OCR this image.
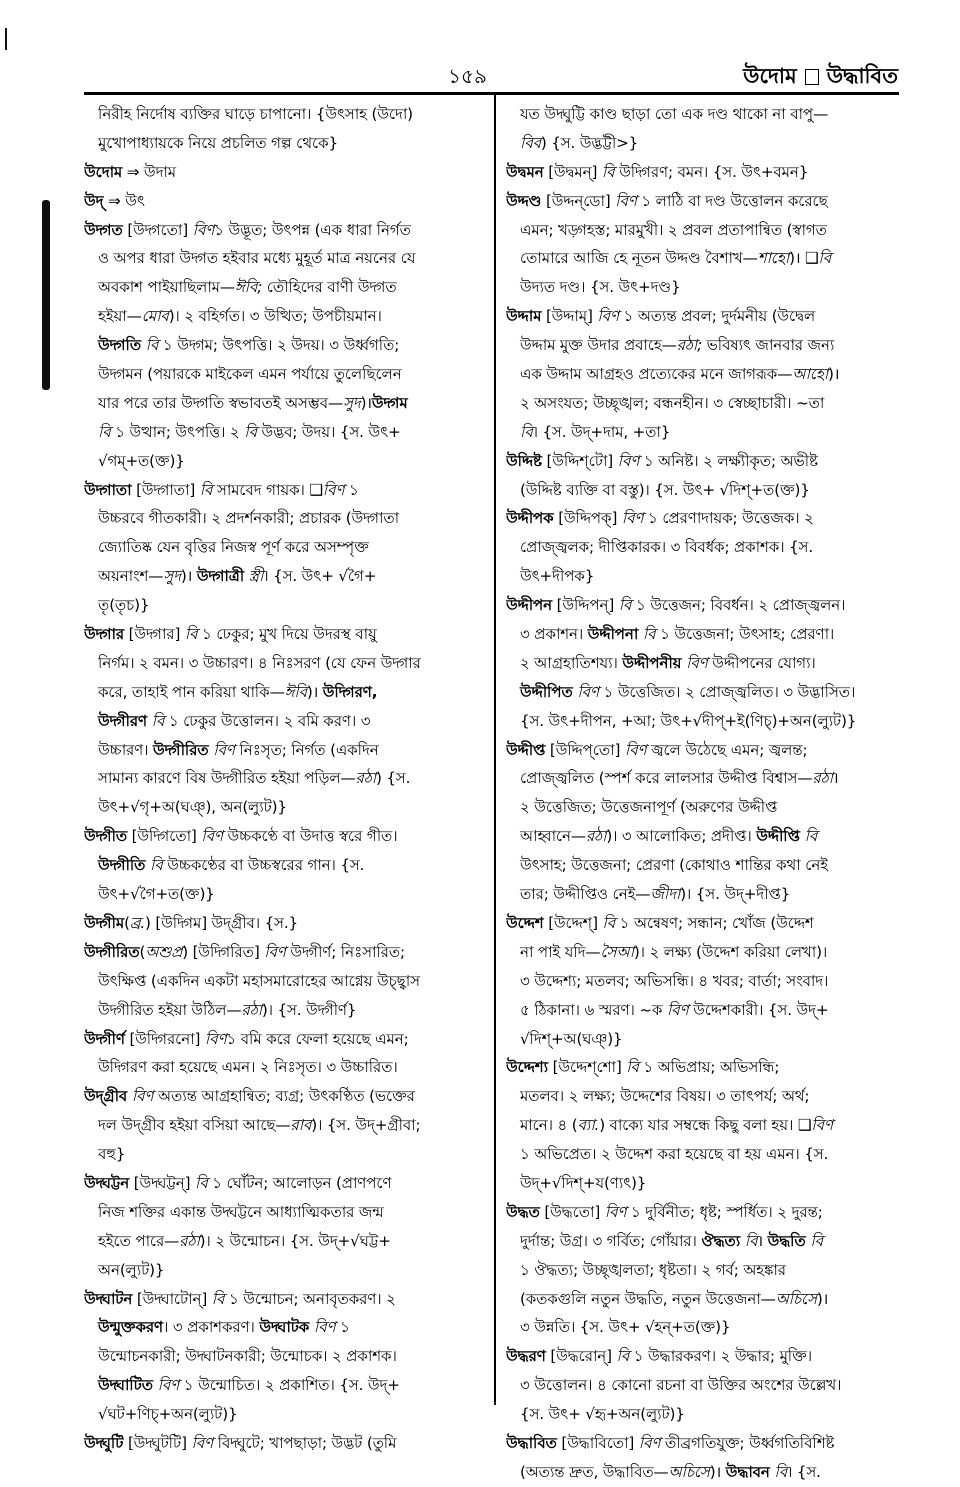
১৫৯	উদোম উদ্ধাবিত
নিরীহ নির্দোষ ব্যক্তির ঘাড়ে চাপানো। {উৎসাহ (উদো)
মুখোপাধ্যায়কে নিয়ে প্রচলিত গল্প থেকে}
উদোম ⇒ উদাম
উদ্ ⇒ উৎ
উদ্গত [উদ্গতো] বিণ১ উদ্ভূত; উৎপন্ন (এক ধারা নির্গত
ও অপর ধারা উদ্গত হইবার মধ্যে মুহূর্ত মাত্র নয়নের যে
অবকাশ পাইয়াছিলাম—ঈবি; তৌহিদের বাণী উদ্গত
হইয়া—মোব)। ২ বহির্গত। ৩ উত্থিত; উপচীয়মান।
উদ্গতি বি ১ উদ্গম; উৎপত্তি। ২ উদয়। ৩ উর্ধ্বগতি;
উদ্গমন (পয়ারকে মাইকেল এমন পর্যায়ে তুলেছিলেন
যার পরে তার উদ্গতি স্বভাবতই অসম্ভব—সুদ)।উদ্গম
বি ১ উত্থান; উৎপত্তি। ২ বি উদ্ভব; উদয়। {স. উৎ+
√গম্+ত(ক্ত)}
উদ্গাতা [উদ্গাতা] বি সামবেদ গায়ক। ❑বিণ ১
উচ্চরবে গীতকারী। ২ প্রদর্শনকারী; প্রচারক (উদ্গাতা
জ্যোতিষ্ক যেন বৃত্তির নিজস্ব পূর্ণ করে অসম্পৃক্ত
অয়নাংশ—সুদ)। উদ্গাত্রী স্ত্রী। {স. উৎ+ √গৈ+
তৃ(তৃচ)}
উদ্গার [উদ্গার] বি ১ ঢেকুর; মুখ দিয়ে উদরস্থ বায়ু
নির্গম। ২ বমন। ৩ উচ্চারণ। ৪ নিঃসরণ (যে ফেন উদ্গার
করে, তাহাই পান করিয়া থাকি—ঈবি)। উদ্গিরণ,
উদ্গীরণ বি ১ ঢেকুর উত্তোলন। ২ বমি করণ। ৩
উচ্চারণ। উদ্গীরিত বিণ নিঃসৃত; নির্গত (একদিন
সামান্য কারণে বিষ উদ্গীরিত হইয়া পড়িল—রঠা) {স.
উৎ+√গৃ+অ(ঘঞ্), অন(ল্যুট)}
উদ্গীত [উদ্গিতো] বিণ উচ্চকণ্ঠে বা উদাত্ত স্বরে গীত।
উদ্গীতি বি উচ্চকণ্ঠের বা উচ্চস্বরের গান। {স.
উৎ+√গৈ+ত(ক্ত)}
উদ্গীম(ব্র.) [উদ্গিম] উদ্গ্রীব। {স.}
উদ্গীরিত(অশুপ্র) [উদ্গিরিত] বিণ উদ্গীর্ণ; নিঃসারিত;
উৎক্ষিপ্ত (একদিন একটা মহাসমারোহের আগ্নেয় উচ্ছ্বাস
উদ্গীরিত হইয়া উঠিল—রঠা)। {স. উদ্গীর্ণ}
উদ্গীর্ণ [উদ্গিরনো] বিণ১ বমি করে ফেলা হয়েছে এমন;
উদ্গিরণ করা হয়েছে এমন। ২ নিঃসৃত। ৩ উচ্চারিত।
উদ্গ্রীব বিণ অত্যন্ত আগ্রহান্বিত; ব্যগ্র; উৎকণ্ঠিত (ভক্তের
দল উদ্গ্রীব হইয়া বসিয়া আছে—রাব)। {স. উদ্+গ্রীবা;
বহু}
উদ্ঘট্টন [উদ্ঘট্টন্] বি ১ ঘোঁটন; আলোড়ন (প্রাণপণে
নিজ শক্তির একান্ত উদ্ঘট্টনে আধ্যাত্মিকতার জন্ম
হইতে পারে—রঠা)। ২ উন্মোচন। {স. উদ্+√ঘট্ট+
অন(ল্যুট)}
উদ্ঘাটন [উদ্ঘাটোন্] বি ১ উন্মোচন; অনাবৃতকরণ। ২
উন্মুক্তকরণ। ৩ প্রকাশকরণ। উদ্ঘাটক বিণ ১
উন্মোচনকারী; উদ্ঘাটনকারী; উন্মোচক। ২ প্রকাশক।
উদ্ঘাটিত বিণ ১ উন্মোচিত। ২ প্রকাশিত। {স. উদ্+
√ঘট+ণিচ্+অন(ল্যুট)}
উদ্ঘুটি [উদ্ঘুটটি] বিণ বিদ্ঘুটে; খাপছাড়া; উদ্ভট (তুমি
যত উদ্ঘুট্টি কাণ্ড ছাড়া তো এক দণ্ড থাকো না বাপু—
বিব) {স. উদ্ভট্টী>}
উদ্বমন [উদ্বমন্] বি উদ্গিরণ; বমন। {স. উৎ+বমন}
উদ্দণ্ড [উদ্দন্‌ডো] বিণ ১ লাঠি বা দণ্ড উত্তোলন করেছে
এমন; খড়্গহস্ত; মারমুখী। ২ প্রবল প্রতাপান্বিত (স্বাগত
তোমারে আজি হে নূতন উদ্দণ্ড বৈশাখ—শাহো)। ❑বি
উদ্যত দণ্ড। {স. উৎ+দণ্ড}
উদ্দাম [উদ্দাম্] বিণ ১ অত্যন্ত প্রবল; দুর্দমনীয় (উদ্বেল
উদ্দাম মুক্ত উদার প্রবাহে—রঠা; ভবিষ্যৎ জানবার জন্য
এক উদ্দাম আগ্রহও প্রত্যেকের মনে জাগরূক—আহো)।
২ অসংযত; উচ্ছৃঙ্খল; বন্ধনহীন। ৩ স্বেচ্ছাচারী। ~তা
বি। {স. উদ্+দাম, +তা}
উদ্দিষ্ট [উদ্দিশ্‌টো] বিণ ১ অনিষ্ট। ২ লক্ষ্যীকৃত; অভীষ্ট
(উদ্দিষ্ট ব্যক্তি বা বস্তু)। {স. উৎ+ √দিশ্+ত(ক্ত)}
উদ্দীপক [উদ্দিপক্] বিণ ১ প্রেরণাদায়ক; উত্তেজক। ২
প্রোজ্জ্বলক; দীপ্তিকারক। ৩ বিবর্ধক; প্রকাশক। {স.
উৎ+দীপক}
উদ্দীপন [উদ্দিপন্] বি ১ উত্তেজন; বিবর্ধন। ২ প্রোজ্জ্বলন।
৩ প্রকাশন। উদ্দীপনা বি ১ উত্তেজনা; উৎসাহ; প্রেরণা।
২ আগ্রহাতিশয্য। উদ্দীপনীয় বিণ উদ্দীপনের যোগ্য।
উদ্দীপিত বিণ ১ উত্তেজিত। ২ প্রোজ্জ্বলিত। ৩ উদ্ভাসিত।
{স. উৎ+দীপন, +আ; উৎ+√দীপ্+ই(ণিচ্)+অন(ল্যুট)}
উদ্দীপ্ত [উদ্দিপ্‌তো] বিণ জ্বলে উঠেছে এমন; জ্বলন্ত;
প্রোজ্জ্বলিত (স্পর্শ করে লালসার উদ্দীপ্ত বিশ্বাস—রঠা।
২ উত্তেজিত; উত্তেজনাপূর্ণ (অরুণের উদ্দীপ্ত
আহ্বানে—রঠা)। ৩ আলোকিত; প্রদীপ্ত। উদ্দীপ্তি বি
উৎসাহ; উত্তেজনা; প্রেরণা (কোথাও শান্তির কথা নেই
তার; উদ্দীপ্তিও নেই—জীদা)। {স. উদ্+দীপ্ত}
উদ্দেশ [উদ্দেশ্] বি ১ অন্বেষণ; সন্ধান; খোঁজ (উদ্দেশ
না পাই যদি—সৈআ)। ২ লক্ষ্য (উদ্দেশ করিয়া লেখা)।
৩ উদ্দেশ্য; মতলব; অভিসন্ধি। ৪ খবর; বার্তা; সংবাদ।
৫ ঠিকানা। ৬ স্মরণ। ~ক বিণ উদ্দেশকারী। {স. উদ্+
√দিশ্+অ(ঘঞ্)}
উদ্দেশ্য [উদ্দেশ্‌শো] বি ১ অভিপ্রায়; অভিসন্ধি;
মতলব। ২ লক্ষ্য; উদ্দেশের বিষয়। ৩ তাৎপর্য; অর্থ;
মানে। ৪ (ব্যা.) বাক্যে যার সম্বন্ধে কিছু বলা হয়। ❑বিণ
১ অভিপ্রেত। ২ উদ্দেশ করা হয়েছে বা হয় এমন। {স.
উদ্+√দিশ্+য(ণ্যৎ)}
উদ্ধত [উদ্ধতো] বিণ ১ দুর্বিনীত; ধৃষ্ট; স্পর্ধিত। ২ দুরন্ত;
দুর্দান্ত; উগ্র। ৩ গর্বিত; গোঁয়ার। ঔদ্ধত্য বি। উদ্ধতি বি
১ ঔদ্ধত্য; উচ্ছৃঙ্খলতা; ধৃষ্টতা। ২ গর্ব; অহঙ্কার
(কতকগুলি নতুন উদ্ধতি, নতুন উত্তেজনা—অচিসে)।
৩ উন্নতি। {স. উৎ+ √হন্+ত(ক্ত)}
উদ্ধরণ [উদ্ধরোন্] বি ১ উদ্ধারকরণ। ২ উদ্ধার; মুক্তি।
৩ উত্তোলন। ৪ কোনো রচনা বা উক্তির অংশের উল্লেখ।
{স. উৎ+ √হৃ+অন(ল্যুট)}
উদ্ধাবিত [উদ্ধাবিতো] বিণ তীব্রগতিযুক্ত; উর্ধ্বগতিবিশিষ্ট
(অত্যন্ত দ্রুত, উদ্ধাবিত—অচিসে)। উদ্ধাবন বি। {স.
